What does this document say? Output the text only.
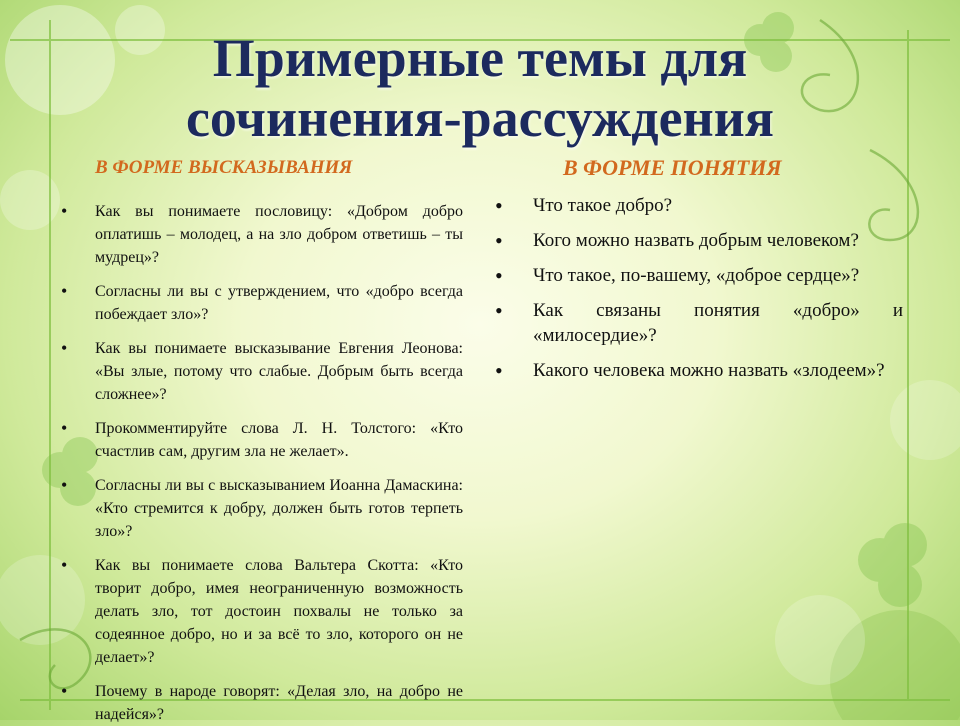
Примерные темы для
сочинения-рассуждения
В ФОРМЕ ВЫСКАЗЫВАНИЯ	В ФОРМЕ ПОНЯТИЯ
• Как вы понимаете пословицу: «Добром добро оплатишь – молодец, а на зло добром ответишь – ты мудрец»?
• Согласны ли вы с утверждением, что «добро всегда побеждает зло»?
• Как вы понимаете высказывание Евгения Леонова: «Вы злые, потому что слабые. Добрым быть всегда сложнее»?
• Прокомментируйте слова Л. Н. Толстого: «Кто счастлив сам, другим зла не желает».
• Согласны ли вы с высказыванием Иоанна Дамаскина: «Кто стремится к добру, должен быть готов терпеть зло»?
• Как вы понимаете слова Вальтера Скотта: «Кто творит добро, имея неограниченную возможность делать зло, тот достоин похвалы не только за содеянное добро, но и за всё то зло, которого он не делает»?
• Почему в народе говорят: «Делая зло, на добро не надейся»?
• Что такое добро?
• Кого можно назвать добрым человеком?
• Что такое, по-вашему, «доброе сердце»?
• Как связаны понятия «добро» и «милосердие»?
• Какого человека можно назвать «злодеем»?
